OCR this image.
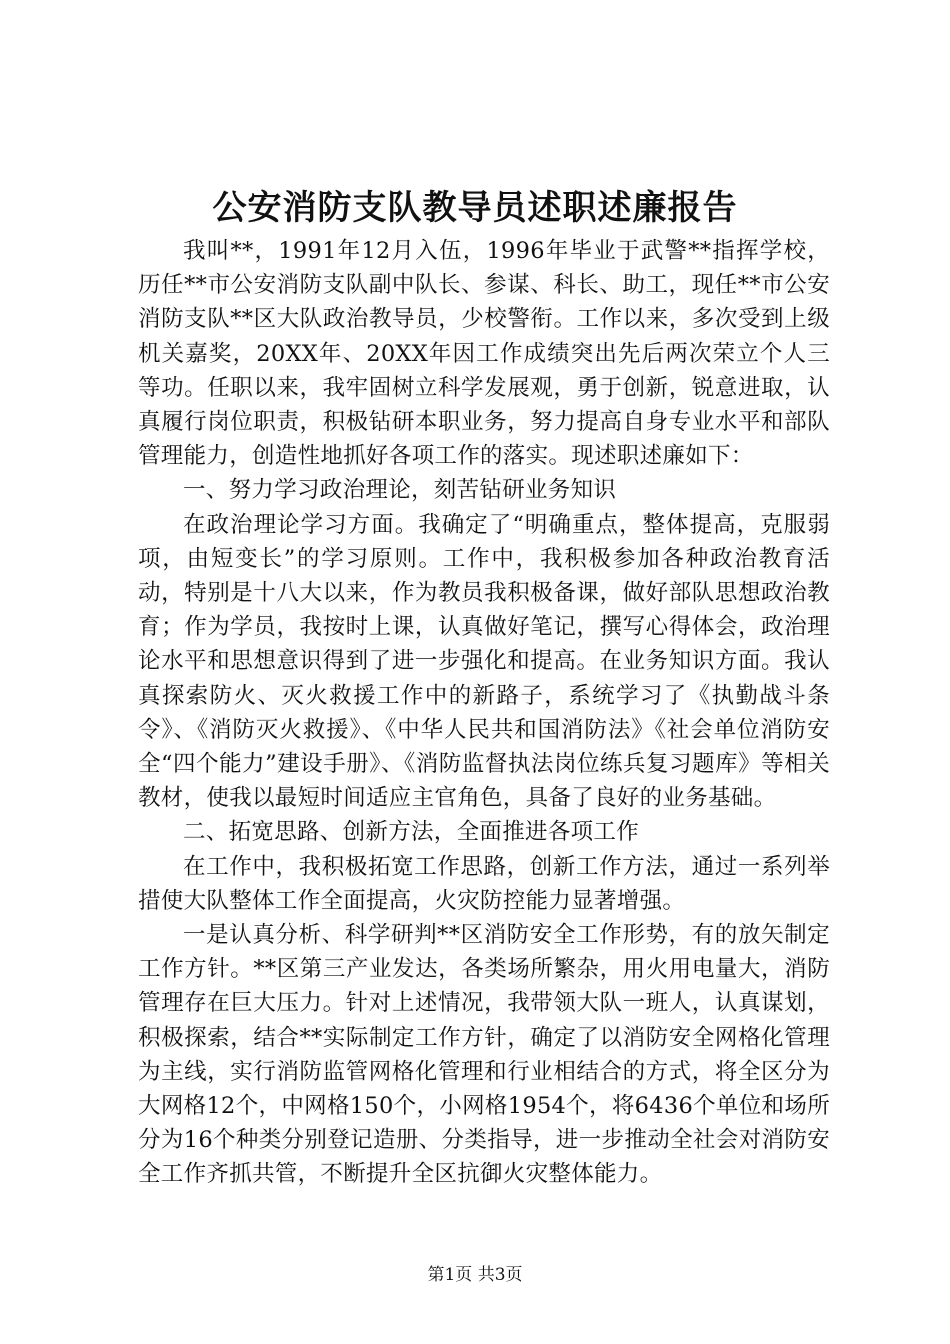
公安消防支队教导员述职述廉报告

我叫**，1991年12月入伍，1996年毕业于武警**指挥学校，历任**市公安消防支队副中队长、参谋、科长、助工，现任**市公安消防支队**区大队政治教导员，少校警衔。工作以来，多次受到上级机关嘉奖，20XX年、20XX年因工作成绩突出先后两次荣立个人三等功。任职以来，我牢固树立科学发展观，勇于创新，锐意进取，认真履行岗位职责，积极钻研本职业务，努力提高自身专业水平和部队管理能力，创造性地抓好各项工作的落实。现述职述廉如下：

一、努力学习政治理论，刻苦钻研业务知识

在政治理论学习方面。我确定了“明确重点，整体提高，克服弱项，由短变长”的学习原则。工作中，我积极参加各种政治教育活动，特别是十八大以来，作为教员我积极备课，做好部队思想政治教育；作为学员，我按时上课，认真做好笔记，撰写心得体会，政治理论水平和思想意识得到了进一步强化和提高。在业务知识方面。我认真探索防火、灭火救援工作中的新路子，系统学习了《执勤战斗条令》、《消防灭火救援》、《中华人民共和国消防法》《社会单位消防安全“四个能力”建设手册》、《消防监督执法岗位练兵复习题库》等相关教材，使我以最短时间适应主官角色，具备了良好的业务基础。

二、拓宽思路、创新方法，全面推进各项工作

在工作中，我积极拓宽工作思路，创新工作方法，通过一系列举措使大队整体工作全面提高，火灾防控能力显著增强。

一是认真分析、科学研判**区消防安全工作形势，有的放矢制定工作方针。**区第三产业发达，各类场所繁杂，用火用电量大，消防管理存在巨大压力。针对上述情况，我带领大队一班人，认真谋划，积极探索，结合**实际制定工作方针，确定了以消防安全网格化管理为主线，实行消防监管网格化管理和行业相结合的方式，将全区分为大网格12个，中网格150个，小网格1954个，将6436个单位和场所分为16个种类分别登记造册、分类指导，进一步推动全社会对消防安全工作齐抓共管，不断提升全区抗御火灾整体能力。

第1页 共3页
